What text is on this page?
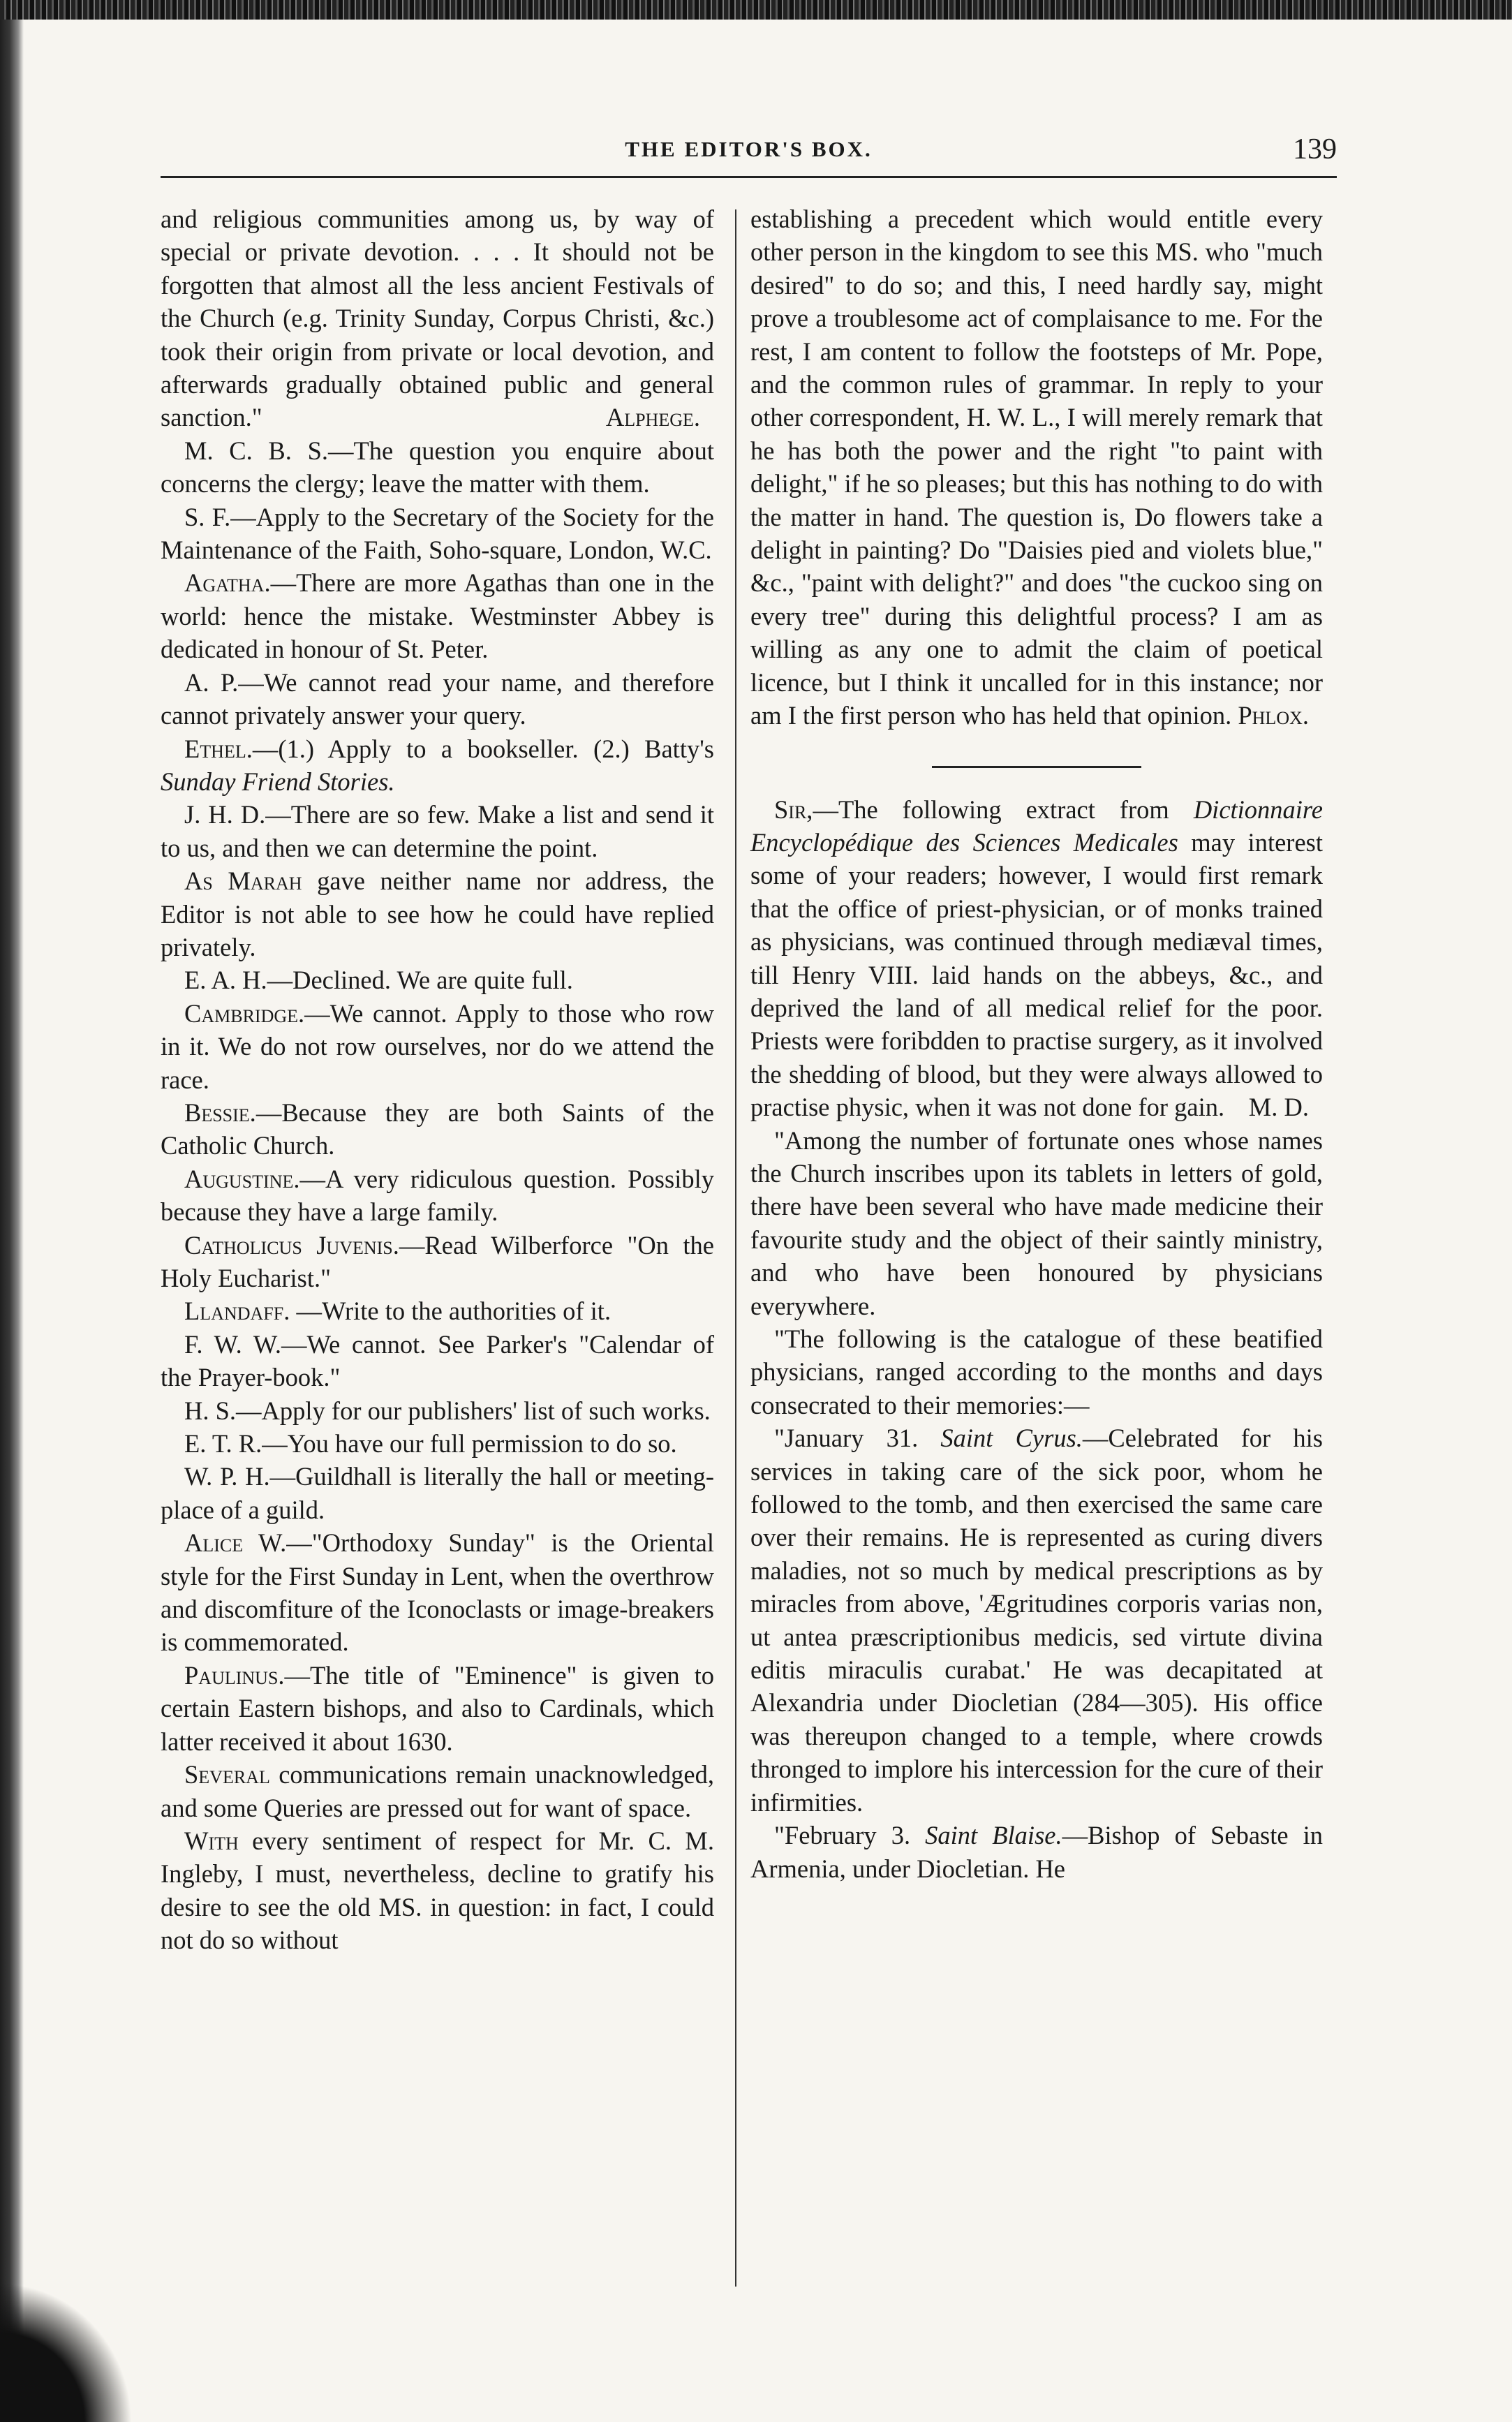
THE EDITOR'S BOX.	139

and religious communities among us, by way of special or private devotion. . . . It should not be forgotten that almost all the less ancient Festivals of the Church (e.g. Trinity Sunday, Corpus Christi, &c.) took their origin from private or local devotion, and afterwards gradually obtained public and general sanction."	Alphege.

M. C. B. S.—The question you enquire about concerns the clergy; leave the matter with them.

S. F.—Apply to the Secretary of the Society for the Maintenance of the Faith, Soho-square, London, W.C.

Agatha.—There are more Agathas than one in the world: hence the mistake. Westminster Abbey is dedicated in honour of St. Peter.

A. P.—We cannot read your name, and therefore cannot privately answer your query.

Ethel.—(1.) Apply to a bookseller. (2.) Batty's Sunday Friend Stories.

J. H. D.—There are so few. Make a list and send it to us, and then we can determine the point.

As Marah gave neither name nor address, the Editor is not able to see how he could have replied privately.

E. A. H.—Declined. We are quite full.

Cambridge.—We cannot. Apply to those who row in it. We do not row ourselves, nor do we attend the race.

Bessie.—Because they are both Saints of the Catholic Church.

Augustine.—A very ridiculous question. Possibly because they have a large family.

Catholicus Juvenis.—Read Wilberforce "On the Holy Eucharist."

Llandaff. —Write to the authorities of it.

F. W. W.—We cannot. See Parker's "Calendar of the Prayer-book."

H. S.—Apply for our publishers' list of such works.

E. T. R.—You have our full permission to do so.

W. P. H.—Guildhall is literally the hall or meeting-place of a guild.

Alice W.—"Orthodoxy Sunday" is the Oriental style for the First Sunday in Lent, when the overthrow and discomfiture of the Iconoclasts or image-breakers is commemorated.

Paulinus.—The title of "Eminence" is given to certain Eastern bishops, and also to Cardinals, which latter received it about 1630.

Several communications remain unacknowledged, and some Queries are pressed out for want of space.

With every sentiment of respect for Mr. C. M. Ingleby, I must, nevertheless, decline to gratify his desire to see the old MS. in question: in fact, I could not do so without

establishing a precedent which would entitle every other person in the kingdom to see this MS. who "much desired" to do so; and this, I need hardly say, might prove a troublesome act of complaisance to me. For the rest, I am content to follow the footsteps of Mr. Pope, and the common rules of grammar. In reply to your other correspondent, H. W. L., I will merely remark that he has both the power and the right "to paint with delight," if he so pleases; but this has nothing to do with the matter in hand. The question is, Do flowers take a delight in painting? Do "Daisies pied and violets blue," &c., "paint with delight?" and does "the cuckoo sing on every tree" during this delightful process? I am as willing as any one to admit the claim of poetical licence, but I think it uncalled for in this instance; nor am I the first person who has held that opinion. Phlox.

Sir,—The following extract from Dictionnaire Encyclopédique des Sciences Medicales may interest some of your readers; however, I would first remark that the office of priest-physician, or of monks trained as physicians, was continued through mediæval times, till Henry VIII. laid hands on the abbeys, &c., and deprived the land of all medical relief for the poor. Priests were foribdden to practise surgery, as it involved the shedding of blood, but they were always allowed to practise physic, when it was not done for gain. M. D.

"Among the number of fortunate ones whose names the Church inscribes upon its tablets in letters of gold, there have been several who have made medicine their favourite study and the object of their saintly ministry, and who have been honoured by physicians everywhere.

"The following is the catalogue of these beatified physicians, ranged according to the months and days consecrated to their memories:—

"January 31. Saint Cyrus.—Celebrated for his services in taking care of the sick poor, whom he followed to the tomb, and then exercised the same care over their remains. He is represented as curing divers maladies, not so much by medical prescriptions as by miracles from above, 'Ægritudines corporis varias non, ut antea præscriptionibus medicis, sed virtute divina editis miraculis curabat.' He was decapitated at Alexandria under Diocletian (284—305). His office was thereupon changed to a temple, where crowds thronged to implore his intercession for the cure of their infirmities.

"February 3. Saint Blaise.—Bishop of Sebaste in Armenia, under Diocletian. He
